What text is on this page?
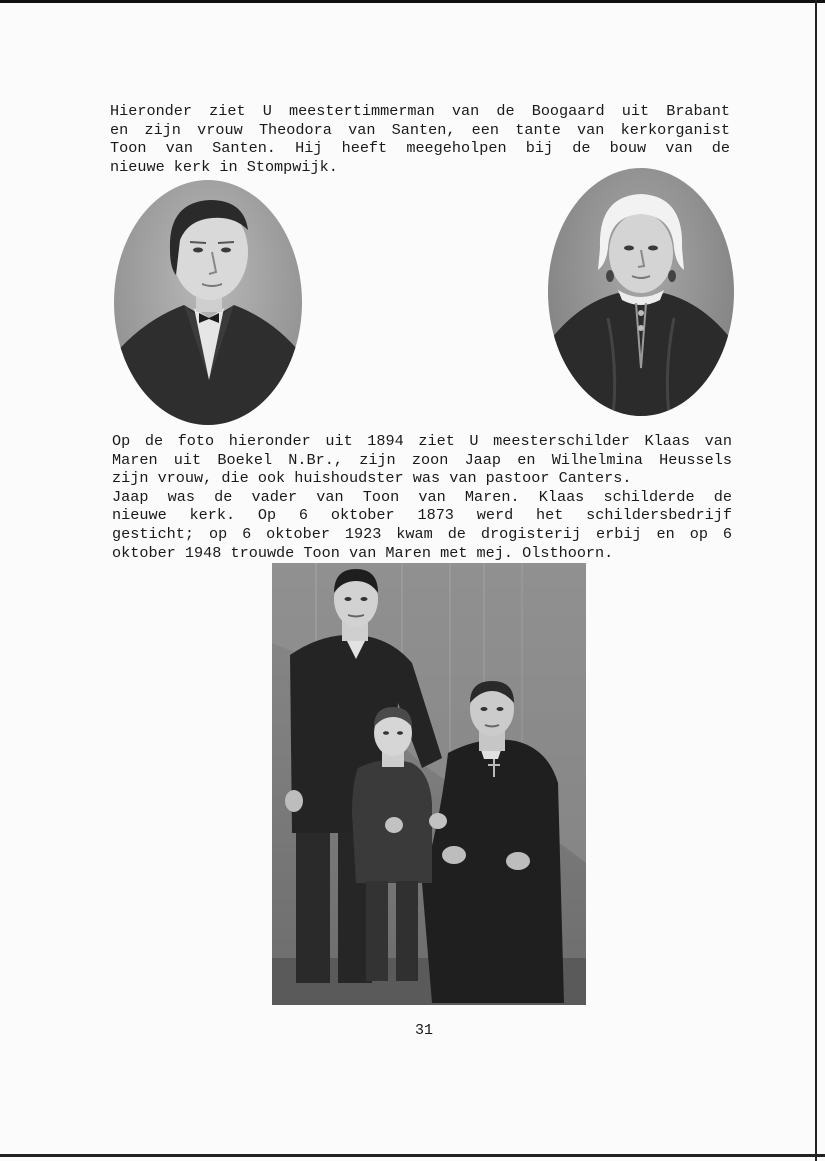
Hieronder ziet U meestertimmerman van de Boogaard uit Brabant
en zijn vrouw Theodora van Santen, een tante van kerkorganist
Toon van Santen. Hij heeft meegeholpen bij de bouw van de
nieuwe kerk in Stompwijk.
Op de foto hieronder uit 1894 ziet U meesterschilder Klaas van
Maren uit Boekel N.Br., zijn zoon Jaap en Wilhelmina Heussels
zijn vrouw, die ook huishoudster was van pastoor Canters.
Jaap was de vader van Toon van Maren. Klaas schilderde de
nieuwe kerk. Op 6 oktober 1873 werd het schildersbedrijf
gesticht; op 6 oktober 1923 kwam de drogisterij erbij en op 6
oktober 1948 trouwde Toon van Maren met mej. Olsthoorn.
31
